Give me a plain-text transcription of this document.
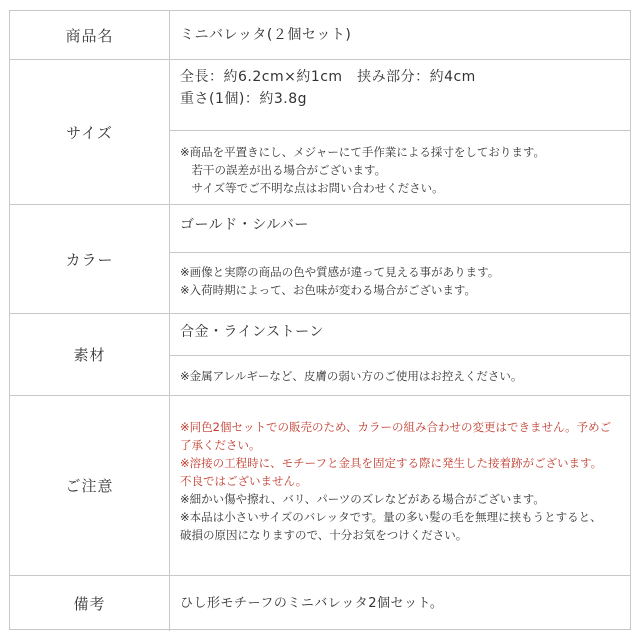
商品名	ミニバレッタ(２個セット)
サイズ
全長：約6.2cm×約1cm　挟み部分：約4cm
重さ(1個)：約3.8g
※商品を平置きにし、メジャーにて手作業による採寸をしております。
　若干の誤差が出る場合がございます。
　サイズ等でご不明な点はお問い合わせください。
カラー
ゴールド・シルバー
※画像と実際の商品の色や質感が違って見える事があります。
※入荷時期によって、お色味が変わる場合がございます。
素材
合金・ラインストーン
※金属アレルギーなど、皮膚の弱い方のご使用はお控えください。
ご注意
※同色2個セットでの販売のため、カラーの組み合わせの変更はできません。予めご
了承ください。
※溶接の工程時に、モチーフと金具を固定する際に発生した接着跡がございます。
不良ではございません。
※細かい傷や擦れ、バリ、パーツのズレなどがある場合がございます。
※本品は小さいサイズのバレッタです。量の多い髪の毛を無理に挟もうとすると、
破損の原因になりますので、十分お気をつけください。
備考	ひし形モチーフのミニバレッタ2個セット。
